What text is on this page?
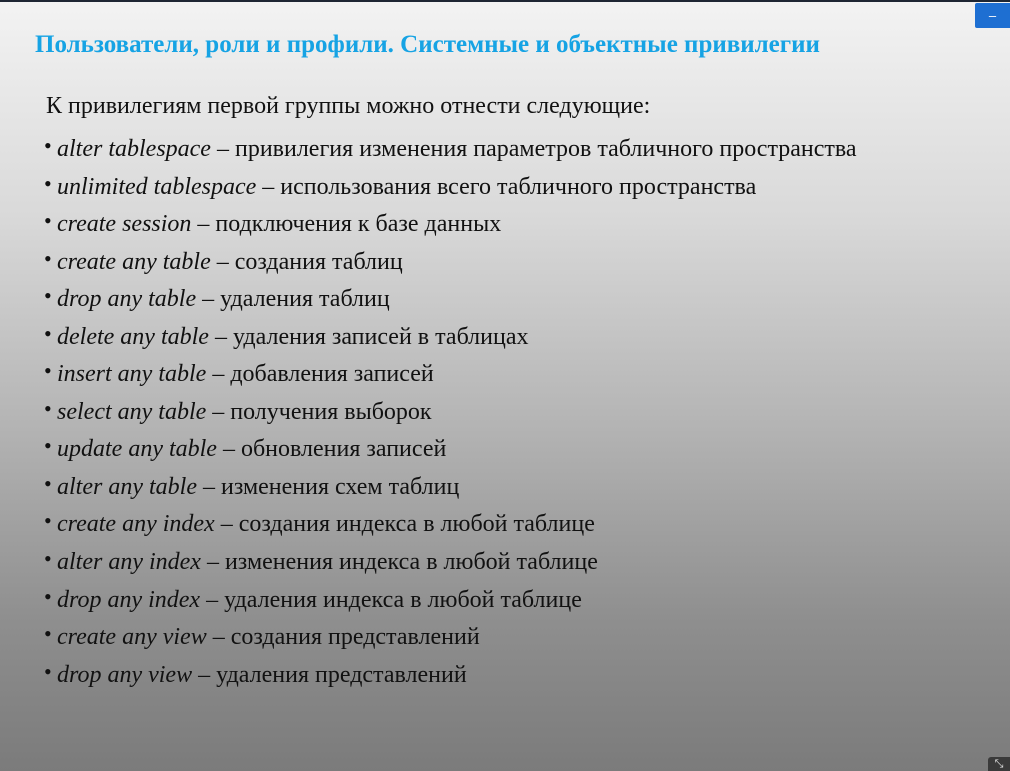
–
Пользователи, роли и профили. Системные и объектные привилегии
К привилегиям первой группы можно отнести следующие:
• alter tablespace – привилегия изменения параметров табличного пространства
• unlimited tablespace – использования всего табличного пространства
• create session – подключения к базе данных
• create any table – создания таблиц
• drop any table – удаления таблиц
• delete any table – удаления записей в таблицах
• insert any table – добавления записей
• select any table – получения выборок
• update any table – обновления записей
• alter any table – изменения схем таблиц
• create any index – создания индекса в любой таблице
• alter any index – изменения индекса в любой таблице
• drop any index – удаления индекса в любой таблице
• create any view – создания представлений
• drop any view – удаления представлений
⤡
